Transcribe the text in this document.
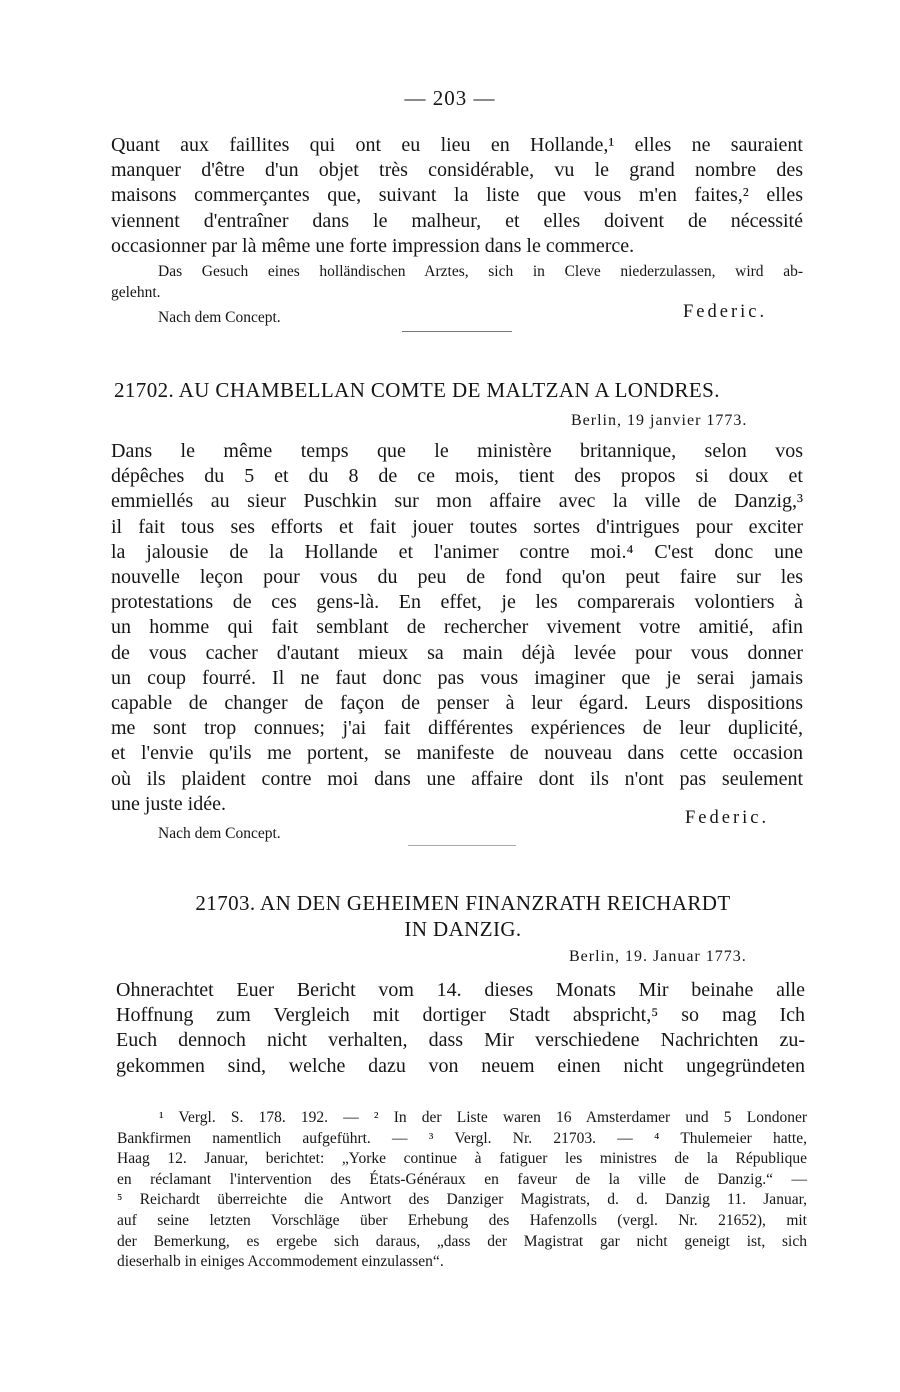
— 203 —
Quant aux faillites qui ont eu lieu en Hollande,¹ elles ne sauraient
manquer d'être d'un objet très considérable, vu le grand nombre des
maisons commerçantes que, suivant la liste que vous m'en faites,² elles
viennent d'entraîner dans le malheur, et elles doivent de nécessité
occasionner par là même une forte impression dans le commerce.
Das Gesuch eines holländischen Arztes, sich in Cleve niederzulassen, wird ab-
gelehnt.
Nach dem Concept.	Federic.
21702. AU CHAMBELLAN COMTE DE MALTZAN A LONDRES.
Berlin, 19 janvier 1773.
Dans le même temps que le ministère britannique, selon vos
dépêches du 5 et du 8 de ce mois, tient des propos si doux et
emmiellés au sieur Puschkin sur mon affaire avec la ville de Danzig,³
il fait tous ses efforts et fait jouer toutes sortes d'intrigues pour exciter
la jalousie de la Hollande et l'animer contre moi.⁴ C'est donc une
nouvelle leçon pour vous du peu de fond qu'on peut faire sur les
protestations de ces gens-là. En effet, je les comparerais volontiers à
un homme qui fait semblant de rechercher vivement votre amitié, afin
de vous cacher d'autant mieux sa main déjà levée pour vous donner
un coup fourré. Il ne faut donc pas vous imaginer que je serai jamais
capable de changer de façon de penser à leur égard. Leurs dispositions
me sont trop connues; j'ai fait différentes expériences de leur duplicité,
et l'envie qu'ils me portent, se manifeste de nouveau dans cette occasion
où ils plaident contre moi dans une affaire dont ils n'ont pas seulement
une juste idée.
Federic.
Nach dem Concept.
21703. AN DEN GEHEIMEN FINANZRATH REICHARDT
IN DANZIG.
Berlin, 19. Januar 1773.
Ohnerachtet Euer Bericht vom 14. dieses Monats Mir beinahe alle
Hoffnung zum Vergleich mit dortiger Stadt abspricht,⁵ so mag Ich
Euch dennoch nicht verhalten, dass Mir verschiedene Nachrichten zu-
gekommen sind, welche dazu von neuem einen nicht ungegründeten
¹ Vergl. S. 178. 192. — ² In der Liste waren 16 Amsterdamer und 5 Londoner
Bankfirmen namentlich aufgeführt. — ³ Vergl. Nr. 21703. — ⁴ Thulemeier hatte,
Haag 12. Januar, berichtet: „Yorke continue à fatiguer les ministres de la République
en réclamant l'intervention des États-Généraux en faveur de la ville de Danzig.“ —
⁵ Reichardt überreichte die Antwort des Danziger Magistrats, d. d. Danzig 11. Januar,
auf seine letzten Vorschläge über Erhebung des Hafenzolls (vergl. Nr. 21652), mit
der Bemerkung, es ergebe sich daraus, „dass der Magistrat gar nicht geneigt ist, sich
dieserhalb in einiges Accommodement einzulassen“.
